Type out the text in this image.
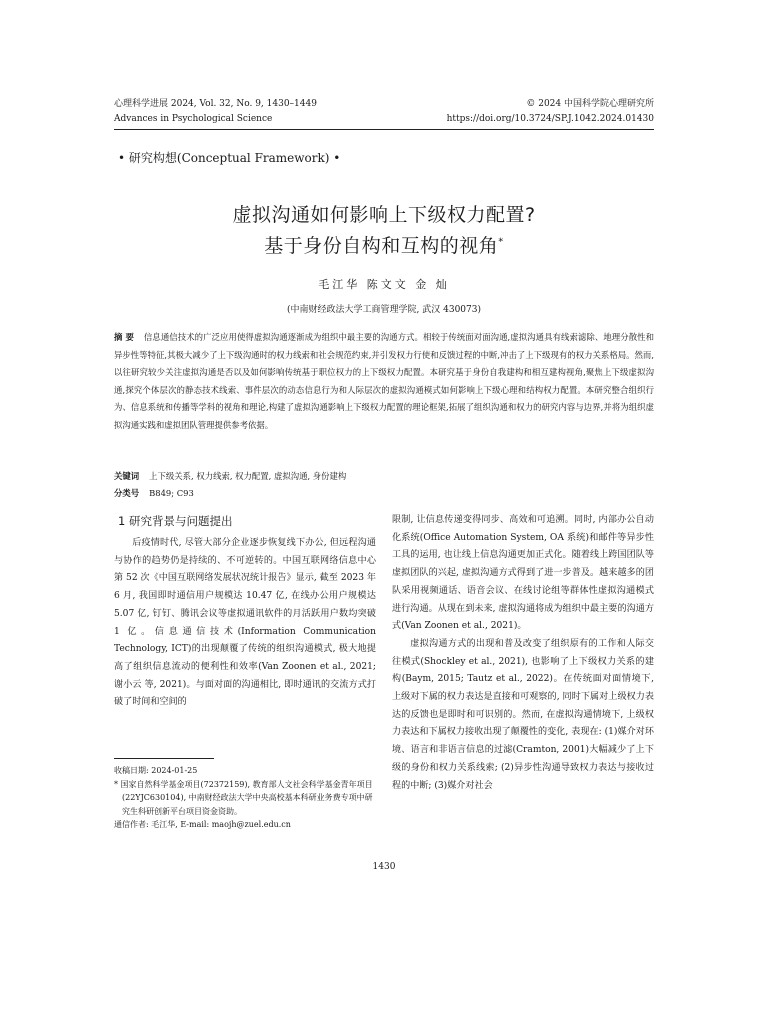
心理科学进展 2024, Vol. 32, No. 9, 1430–1449
Advances in Psychological Science
© 2024 中国科学院心理研究所
https://doi.org/10.3724/SP.J.1042.2024.01430
• 研究构想(Conceptual Framework) •
虚拟沟通如何影响上下级权力配置?
基于身份自构和互构的视角*
毛江华 陈文文 金 灿
(中南财经政法大学工商管理学院, 武汉 430073)
摘 要 信息通信技术的广泛应用使得虚拟沟通逐渐成为组织中最主要的沟通方式。相较于传统面对面沟通,虚拟沟通具有线索滤除、地理分散性和异步性等特征,其极大减少了上下级沟通时的权力线索和社会规范约束,并引发权力行使和反馈过程的中断,冲击了上下级现有的权力关系格局。然而,以往研究较少关注虚拟沟通是否以及如何影响传统基于职位权力的上下级权力配置。本研究基于身份自我建构和相互建构视角,聚焦上下级虚拟沟通,探究个体层次的静态技术线索、事件层次的动态信息行为和人际层次的虚拟沟通模式如何影响上下级心理和结构权力配置。本研究整合组织行为、信息系统和传播等学科的视角和理论,构建了虚拟沟通影响上下级权力配置的理论框架,拓展了组织沟通和权力的研究内容与边界,并将为组织虚拟沟通实践和虚拟团队管理提供参考依据。
关键词 上下级关系, 权力线索, 权力配置, 虚拟沟通, 身份建构
分类号 B849; C93
1 研究背景与问题提出

后疫情时代, 尽管大部分企业逐步恢复线下办公, 但远程沟通与协作的趋势仍是持续的、不可逆转的。中国互联网络信息中心第 52 次《中国互联网络发展状况统计报告》显示, 截至 2023 年 6 月, 我国即时通信用户规模达 10.47 亿, 在线办公用户规模达 5.07 亿, 钉钉、腾讯会议等虚拟通讯软件的月活跃用户数均突破 1 亿。信息通信技术(Information Communication Technology, ICT)的出现颠覆了传统的组织沟通模式, 极大地提高了组织信息流动的便利性和效率(Van Zoonen et al., 2021; 谢小云 等, 2021)。与面对面的沟通相比, 即时通讯的交流方式打破了时间和空间的

收稿日期: 2024-01-25
* 国家自然科学基金项目(72372159), 教育部人文社会科学基金青年项目(22YJC630104), 中南财经政法大学中央高校基本科研业务费专项中研究生科研创新平台项目资金资助。
通信作者: 毛江华, E-mail: maojh@zuel.edu.cn

限制, 让信息传递变得同步、高效和可追溯。同时, 内部办公自动化系统(Office Automation System, OA 系统)和邮件等异步性工具的运用, 也让线上信息沟通更加正式化。随着线上跨国团队等虚拟团队的兴起, 虚拟沟通方式得到了进一步普及。越来越多的团队采用视频通话、语音会议、在线讨论组等群体性虚拟沟通模式进行沟通。从现在到未来, 虚拟沟通将成为组织中最主要的沟通方式(Van Zoonen et al., 2021)。

虚拟沟通方式的出现和普及改变了组织原有的工作和人际交往模式(Shockley et al., 2021), 也影响了上下级权力关系的建构(Baym, 2015; Tautz et al., 2022)。在传统面对面情境下, 上级对下属的权力表达是直接和可观察的, 同时下属对上级权力表达的反馈也是即时和可识别的。然而, 在虚拟沟通情境下, 上级权力表达和下属权力接收出现了颠覆性的变化, 表现在: (1)媒介对环境、语言和非语言信息的过滤(Cramton, 2001)大幅减少了上下级的身份和权力关系线索; (2)异步性沟通导致权力表达与接收过程的中断; (3)媒介对社会

1430
